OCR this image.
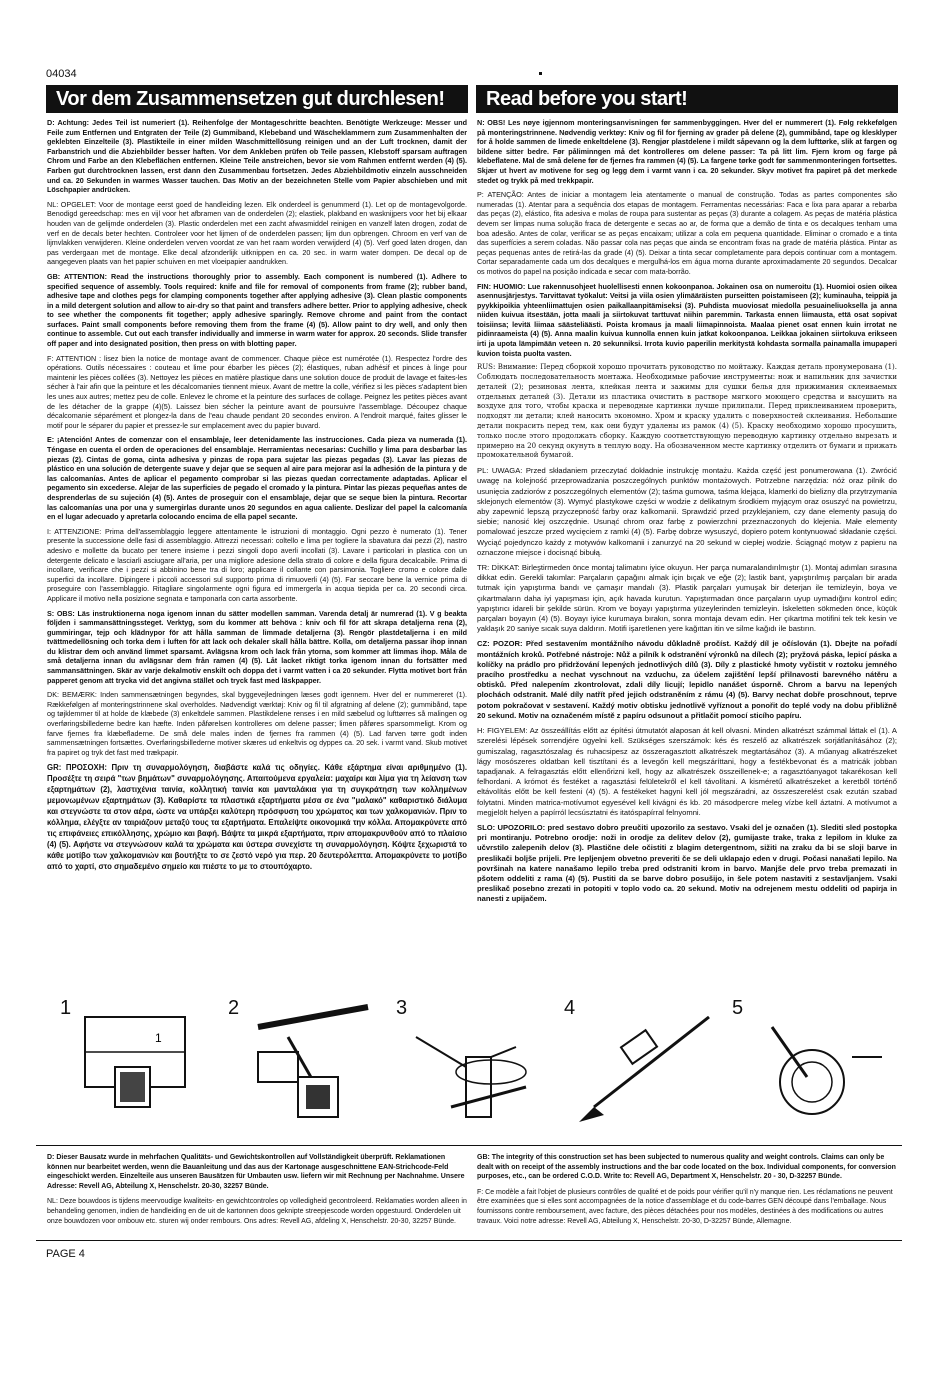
04034
Vor dem Zusammensetzen gut durchlesen!	Read before you start!

D: Achtung: Jedes Teil ist numeriert (1). Reihenfolge der Montageschritte beachten. Benötigte Werkzeuge: Messer und Feile zum Entfernen und Entgraten der Teile (2) Gummiband, Klebeband und Wäscheklammern zum Zusammenhalten der geklebten Einzelteile (3). Plastikteile in einer milden Waschmittellösung reinigen und an der Luft trocknen, damit der Farbanstrich und die Abziehbilder besser haften. Vor dem Ankleben prüfen ob Teile passen, Klebstoff sparsam auftragen Chrom und Farbe an den Klebeflächen entfernen. Kleine Teile anstreichen, bevor sie vom Rahmen entfernt werden (4) (5). Farben gut durchtrocknen lassen, erst dann den Zusammenbau fortsetzen. Jedes Abziehbildmotiv einzeln ausschneiden und ca. 20 Sekunden in warmes Wasser tauchen. Das Motiv an der bezeichneten Stelle vom Papier abschieben und mit Löschpapier andrücken.

NL: OPGELET: Voor de montage eerst goed de handleiding lezen. Elk onderdeel is genummerd (1). Let op de montagevolgorde. Benodigd gereedschap: mes en vijl voor het afbramen van de onderdelen (2); elastiek, plakband en wasknijpers voor het bij elkaar houden van de gelijmde onderdelen (3). Plastic onderdelen met een zacht afwasmiddel reinigen en vanzelf laten drogen, zodat de verf en de decals beter hechten. Controleer voor het lijmen of de onderdelen passen; lijm dun opbrengen. Chroom en verf van de lijmvlakken verwijderen. Kleine onderdelen verven voordat ze van het raam worden verwijderd (4) (5). Verf goed laten drogen, dan pas verdergaan met de montage. Elke decal afzonderlijk uitknippen en ca. 20 sec. in warm water dompen. De decal op de aangegeven plaats van het papier schuiven en met vloeipapier aandrukken.

GB: ATTENTION: Read the instructions thoroughly prior to assembly. Each component is numbered (1). Adhere to specified sequence of assembly. Tools required: knife and file for removal of components from frame (2); rubber band, adhesive tape and clothes pegs for clamping components together after applying adhesive (3). Clean plastic components in a mild detergent solution and allow to air-dry so that paint and transfers adhere better. Prior to applying adhesive, check to see whether the components fit together; apply adhesive sparingly. Remove chrome and paint from the contact surfaces. Paint small components before removing them from the frame (4) (5). Allow paint to dry well, and only then continue to assemble. Cut out each transfer individually and immerse in warm water for approx. 20 seconds. Slide transfer off paper and into designated position, then press on with blotting paper.

F: ATTENTION : lisez bien la notice de montage avant de commencer. Chaque pièce est numérotée (1). Respectez l'ordre des opérations. Outils nécessaires : couteau et lime pour ébarber les pièces (2); élastiques, ruban adhésif et pinces à linge pour maintenir les pièces collées (3). Nettoyez les pièces en matière plastique dans une solution douce de produit de lavage et faites-les sécher à l'air afin que la peinture et les décalcomanies tiennent mieux. Avant de mettre la colle, vérifiez si les pièces s'adaptent bien les unes aux autres; mettez peu de colle. Enlevez le chrome et la peinture des surfaces de collage. Peignez les petites pièces avant de les détacher de la grappe (4)(5). Laissez bien sécher la peinture avant de poursuivre l'assemblage. Découpez chaque décalcomanie séparément et plongez-la dans de l'eau chaude pendant 20 secondes environ. A l'endroit marqué, faites glisser le motif pour le séparer du papier et pressez-le sur emplacement avec du papier buvard.

E: ¡Atención! Antes de comenzar con el ensamblaje, leer detenidamente las instrucciones. Cada pieza va numerada (1). Téngase en cuenta el orden de operaciones del ensamblaje. Herramientas necesarias: Cuchillo y lima para desbarbar las piezas (2). Cintas de goma, cinta adhesiva y pinzas de ropa para sujetar las piezas pegadas (3). Lavar las piezas de plástico en una solución de detergente suave y dejar que se sequen al aire para mejorar así la adhesión de la pintura y de las calcomanías. Antes de aplicar el pegamento comprobar si las piezas quedan correctamente adaptadas. Aplicar el pegamento sin excederse. Alejar de las superficies de pegado el cromado y la pintura. Pintar las piezas pequeñas antes de desprenderlas de su sujeción (4) (5). Antes de proseguir con el ensamblaje, dejar que se seque bien la pintura. Recortar las calcomanías una por una y sumergirlas durante unos 20 segundos en agua caliente. Deslizar del papel la calcomanía en el lugar adecuado y apretarla colocando encima de ella papel secante.

I: ATTENZIONE: Prima dell'assemblaggio leggere attentamente le istruzioni di montaggio. Ogni pezzo è numerato (1). Tener presente la successione delle fasi di assemblaggio. Attrezzi necessari: coltello e lima per togliere la sbavatura dai pezzi (2), nastro adesivo e mollette da bucato per tenere insieme i pezzi singoli dopo averli incollati (3). Lavare i particolari in plastica con un detergente delicato e lasciarli asciugare all'aria, per una migliore adesione della strato di colore e della figura decalcabile. Prima di incollare, verificare che i pezzi si abbinino bene tra di loro; applicare il collante con parsimonia. Togliere cromo e colore dalle superfici da incollare. Dipingere i piccoli accessori sul supporto prima di rimuoverli (4) (5). Far seccare bene la vernice prima di proseguire con l'assemblaggio. Ritagliare singolarmente ogni figura ed immergerla in acqua tiepida per ca. 20 secondi circa. Applicare il motivo nella posizione segnata e tamponarla con carta assorbente.

S: OBS: Läs instruktionerna noga igenom innan du sätter modellen samman. Varenda detalj är numrerad (1). V g beakta följden i sammansättningssteget. Verktyg, som du kommer att behöva : kniv och fil för att skrapa detaljerna rena (2), gummiringar, tejp och klädnypor för att hålla samman de limmade detaljerna (3). Rengör plastdetaljerna i en mild tvättmedellösning och torka dem i luften för att lack och dekaler skall hålla bättre. Kolla, om detaljerna passar ihop innan du klistrar dem och använd limmet sparsamt. Avlägsna krom och lack från ytorna, som kommer att limmas ihop. Måla de små detaljerna innan du avlägsnar dem från ramen (4) (5). Låt lacket riktigt torka igenom innan du fortsätter med sammansättningen. Skär av varje dekalmotiv enskilt och doppa det i varmt vatten i ca 20 sekunder. Flytta motivet bort från papperet genom att trycka vid det angivna stället och tryck fast med läskpapper.

DK: BEMÆRK: Inden sammensætningen begyndes, skal byggevejledningen læses godt igennem. Hver del er nummereret (1). Rækkefølgen af monteringstrinnene skal overholdes. Nødvendigt værktøj: Kniv og fil til afgratning af delene (2); gummibånd, tape og tøjklemmer til at holde de klæbede (3) enkeltdele sammen. Plastikdelene renses i en mild sæbelud og lufttørres så malingen og overføringsbillederne bedre kan hæfte. Inden påførelsen kontrolleres om delene passer; limen påføres sparsommeligt. Krom og farve fjernes fra klæbefladerne. De små dele males inden de fjernes fra rammen (4) (5). Lad farven tørre godt inden sammensætningen fortsættes. Overføringsbillederne motiver skæres ud enkeltvis og dyppes ca. 20 sek. i varmt vand. Skub motivet fra papiret og tryk det fast med trækpapir.

GR: ΠΡΟΣΟΧΗ: Πριν τη συναρμολόγηση, διαβάστε καλά τις οδηγίες. Κάθε εξάρτημα είναι αριθμημένο (1). Προσέξτε τη σειρά "των βημάτων" συναρμολόγησης. Απαιτούμενα εργαλεία: μαχαίρι και λίμα για τη λείανση των εξαρτημάτων (2), λαστιχένια ταινία, κολλητική ταινία και μανταλάκια για τη συγκράτηση των κολλημένων μεμονωμένων εξαρτημάτων (3). Καθαρίστε τα πλαστικά εξαρτήματα μέσα σε ένα "μαλακό" καθαριστικό διάλυμα και στεγνώστε τα στον αέρα, ώστε να υπάρξει καλύτερη πρόσφυση του χρώματος και των χαλκομανιών. Πριν το κόλλημα, ελέγξτε αν ταιριάζουν μεταξύ τους τα εξαρτήματα. Επαλείψτε οικονομικά την κόλλα. Απομακρύνετε από τις επιφάνειες επικόλλησης, χρώμιο και βαφή. Βάψτε τα μικρά εξαρτήματα, πριν απομακρυνθούν από το πλαίσιο (4) (5). Αφήστε να στεγνώσουν καλά τα χρώματα και ύστερα συνεχίστε τη συναρμολόγηση. Κόψτε ξεχωριστά το κάθε μοτίβο των χαλκομανιών και βουτήξτε το σε ζεστό νερό για περ. 20 δευτερόλεπτα. Απομακρύνετε το μοτίβο από το χαρτί, στο σημαδεμένο σημείο και πιέστε το με το στουπόχαρτο.

N: OBS! Les nøye igjennom monteringsanvisningen før sammenbyggingen. Hver del er nummerert (1). Følg rekkefølgen på monteringstrinnene. Nødvendig verktøy: Kniv og fil for fjerning av grader på delene (2), gummibånd, tape og klesklyper for å holde sammen de limede enkeltdelene (3). Rengjør plastdelene i mildt såpevann og la dem lufttørke, slik at fargen og bildene sitter bedre. Før påliminngen må det kontrolleres om delene passer: Ta på litt lim. Fjern krom og farge på klebeflatene. Mal de små delene før de fjernes fra rammen (4) (5). La fargene tørke godt før sammenmonteringen fortsettes. Skjær ut hvert av motivene for seg og legg dem i varmt vann i ca. 20 sekunder. Skyv motivet fra papiret på det merkede stedet og trykk på med trekkpapir.

P: ATENÇÃO: Antes de iniciar a montagem leia atentamente o manual de construção. Todas as partes componentes são numeradas (1). Atentar para a sequência dos etapas de montagem. Ferramentas necessárias: Faca e lixa para aparar a rebarba das peças (2), elástico, fita adesiva e molas de roupa para sustentar as peças (3) durante a colagem. As peças de matéria plástica devem ser limpas numa solução fraca de detergente e secas ao ar, de forma que a demão de tinta e os decalques tenham uma boa adesão. Antes de colar, verificar se as peças encaixam; utilizar a cola em pequena quantidade. Eliminar o cromado e a tinta das superfícies a serem coladas. Não passar cola nas peças que ainda se encontram fixas na grade de matéria plástica. Pintar as peças pequenas antes de retirá-las da grade (4) (5). Deixar a tinta secar completamente para depois continuar com a montagem. Cortar separadamente cada um dos decalques e mergulhá-los em água morna durante aproximadamente 20 segundos. Decalcar os motivos do papel na posição indicada e secar com mata-borrão.

FIN: HUOMIO: Lue rakennusohjeet huolellisesti ennen kokoonpanoa. Jokainen osa on numeroitu (1). Huomioi osien oikea asennusjärjestys. Tarvittavat työkalut: Veitsi ja viila osien ylimääräisten purseitten poistamiseen (2); kuminauha, teippiä ja pyykkipoikia yhteenliimattujen osien paikallaanpitämiseksi (3). Puhdista muoviosat miedolla pesuaineliuoksella ja anna niiden kuivua itsestään, jotta maali ja siirtokuvat tarttuvat niihin paremmin. Tarkasta ennen liimausta, että osat sopivat toisiinsa; levitä liimaa säästeliäästi. Poista kromaus ja maali liimapinnoista. Maalaa pienet osat ennen kuin irrotat ne pidinraameista (4) (5). Anna maalin kuivua kunnolla ennen kuin jatkat kokoonpanoa. Leikkaa jokainen siirtokuva erikseen irti ja upota lämpimään veteen n. 20 sekunniksi. Irrota kuvio paperilin merkitystä kohdasta sormalla painamalla imupaperi kuvion toista puolta vasten.

RUS: Внимание: Перед сборкой хорошо прочитать руководство по мойтажу. Каждая деталь пронумерована (1). Соблюдать последовательность монтажа. Необходимые рабочие инструменты: нож и напильник для зачистки деталей (2); резиновая лента, клейкая лента и зажимы для сушки белья для прижимания склеиваемых отдельных деталей (3). Детали из пластика очистить в растворе мягкого моющего средства и высушить на воздухе для того, чтобы краска и переводные картинки лучше прилипали. Перед приклеиванием проверить, подходят ли детали; клей наносить экономно. Хром и краску удалить с поверхностей склеивания. Небольшие детали покрасить перед тем, как они будут удалены из рамок (4) (5). Краску необходимо хорошо просушить, только после этого продолжать сборку. Каждую соответствующую переводную картинку отдельно вырезать и примерно на 20 секунд окунуть в теплую воду. На обозначенном месте картинку отделить от бумаги и прижать промокательной бумагой.

PL: UWAGA: Przed składaniem przeczytać dokładnie instrukcję montażu. Każda część jest ponumerowana (1). Zwrócić uwagę na kolejność przeprowadzania poszczególnych punktów montażowych. Potrzebne narzędzia: nóż oraz pilnik do usunięcia zadziorów z poszczególnych elementów (2); taśma gumowa, taśma klejąca, klamerki do bielizny dla przytrzymania sklejonych elementów (3). Wymyć plastykowe części w wodzie z delikatnym środkiem myjącym oraz osuszyć na powietrzu, aby zapewnić lepszą przyczepność farby oraz kalkomanii. Sprawdzić przed przyklejaniem, czy dane elementy pasują do siebie; nanosić klej oszczędnie. Usunąć chrom oraz farbę z powierzchni przeznaczonych do klejenia. Małe elementy pomalować jeszcze przed wycięciem z ramki (4) (5). Farbę dobrze wysuszyć, dopiero potem kontynuować składanie części. Wyciąć pojedynczo każdy z motywów kalkomanii i zanurzyć na 20 sekund w ciepłej wodzie. Ściągnąć motyw z papieru na oznaczone miejsce i docisnąć bibułą.

TR: DİKKAT: Birleştirmeden önce montaj talimatını iyice okuyun. Her parça numaralandırılmıştır (1). Montaj adımları sırasına dikkat edin. Gerekli takımlar: Parçaların çapağını almak için bıçak ve eğe (2); lastik bant, yapıştırılmış parçaları bir arada tutmak için yapıştırma bandı ve çamaşır mandalı (3). Plastik parçaları yumuşak bir deterjan ile temizleyin, boya ve çıkartmaların daha iyi yapışması için, açık havada kurutun. Yapıştırmadan önce parçaların uyup uymadığını kontrol edin; yapıştırıcı idareli bir şekilde sürün. Krom ve boyayı yapıştırma yüzeylerinden temizleyin. İskeletten sökmeden önce, küçük parçaları boyayın (4) (5). Boyayı iyice kurumaya bırakın, sonra montaja devam edin. Her çıkartma motifini tek tek kesin ve yaklaşık 20 saniye sıcak suya daldırın. Motifi işaretlenen yere kağıttan itin ve silme kağıdı ile bastırın.

CZ: POZOR: Před sestavením montážního návodu důkladně pročíst. Každý díl je očíslován (1). Dbejte na pořadí montážních kroků. Potřebné nástroje: Nůž a pilník k odstranění výronků na dílech (2); pryžová páska, lepicí páska a kolíčky na prádlo pro přidržování lepených jednotlivých dílů (3). Díly z plastické hmoty vyčistit v roztoku jemného pracího prostředku a nechat vyschnout na vzduchu, za účelem zajištění lepší přilnavosti barevného nátěru a obtisků. Před nalepením zkontrolovat, zdali díly licují; lepidlo nanášet úsporně. Chrom a barvu na lepených plochách odstranit. Malé díly natřít před jejich odstraněním z rámu (4) (5). Barvy nechat dobře proschnout, teprve potom pokračovat v sestavení. Každý motiv obtisku jednotlivě vyříznout a ponořit do teplé vody na dobu přibližně 20 sekund. Motiv na označeném místě z papíru odsunout a přitlačit pomocí sticího papíru.

H: FIGYELEM: Az összeállítás előtt az építési útmutatót alaposan át kell olvasni. Minden alkatrészt számmal láttak el (1). A szerelési lépések sorrendjére ügyelni kell. Szükséges szerszámok: kés és reszelő az alkatrészek sorjátlanításához (2); gumiszalag, ragasztószalag és ruhacsipesz az összeragasztott alkatrészek megtartásához (3). A műanyag alkatrészeket lágy mosószeres oldatban kell tisztítani és a levegőn kell megszáríttani, hogy a festékbevonat és a matricák jobban tapadjanak. A felragasztás előtt ellenőrizni kell, hogy az alkatrészek összeillenek-e; a ragasztóanyagot takarékosan kell felhordani. A krómot és festéket a ragasztási felületekről el kell távolítani. A kisméretű alkatrészeket a keretből történő eltávolítás előtt be kell festeni (4) (5). A festékeket hagyni kell jól megszáradni, az összeszerelést csak ezután szabad folytatni. Minden matrica-motívumot egyesével kell kivágni és kb. 20 másodpercre meleg vízbe kell áztatni. A motívumot a megjelölt helyen a papírról lecsúsztatni és itatóspapírral felnyomni.

SLO: UPOZORILO: pred sestavo dobro preučiti upozorilo za sestavo. Vsaki del je označen (1). Slediti sled postopka pri montiranju. Potrebno orodje: noži in orodje za delitev delov (2), gumijaste trake, traka z lepilom in kluke za učvrstilo zalepenih delov (3). Plastične dele očistiti z blagim detergentnom, sižiti na zraku da bi se sloji barve in preslikači boljše prijeli. Pre lepljenjem obvetno preveriti če se deli uklapajo eden v drugi. Počasi nanašati lepilo. Na površinah na katere nanašamo lepilo treba pred odstraniti krom in barvo. Manjše dele prvo treba premazati in pšotem oddeliti z rama (4) (5). Pustiti da se barve dobro posušijo, in šele potem nastaviti z sestavljanjem. Vsaki preslikač posebno zrezati in potopiti v toplo vodo ca. 20 sekund. Motiv na odrejenem mestu oddeliti od papirja in nanesti z upijačem.

1
1
2	3	4	5

D: Dieser Bausatz wurde in mehrfachen Qualitäts- und Gewichtskontrollen auf Vollständigkeit überprüft. Reklamationen können nur bearbeitet werden, wenn die Bauanleitung und das aus der Kartonage ausgeschnittene EAN-Strichcode-Feld eingeschickt werden. Einzelteile aus unseren Bausätzen für Umbauten usw. liefern wir mit Rechnung per Nachnahme. Unsere Adresse: Revell AG, Abteilung X, Henschelstr. 20-30, 32257 Bünde.

NL: Deze bouwdoos is tijdens meervoudige kwaliteits- en gewichtcontroles op volledigheid gecontroleerd. Reklamaties worden alleen in behandeling genomen, indien de handleiding en de uit de kartonnen doos geknipte streepjescode worden opgestuurd. Onderdelen uit onze bouwdozen voor ombouw etc. sturen wij onder rembours. Ons adres: Revell AG, afdeling X, Henschelstr. 20-30, 32257 Bünde.

GB: The integrity of this construction set has been subjected to numerous quality and weight controls. Claims can only be dealt with on receipt of the assembly instructions and the bar code located on the box. Individual components, for conversion purposes, etc., can be ordered C.O.D. Write to: Revell AG, Department X, Henschelstr. 20 - 30, D-32257 Bünde.

F: Ce modèle a fait l'objet de plusieurs contrôles de qualité et de poids pour vérifier qu'il n'y manque rien. Les réclamations ne peuvent être examinées que si elles sont accompagnées de la notice d'assemblage et du code-barres GEN découpé dans l'emballage. Nous fournissons contre remboursement, avec facture, des pièces détachées pour nos modèles, destinées à des modifications ou autres travaux. Voici notre adresse: Revell AG, Abteilung X, Henschelstr. 20-30, D-32257 Bünde, Allemagne.

PAGE 4
